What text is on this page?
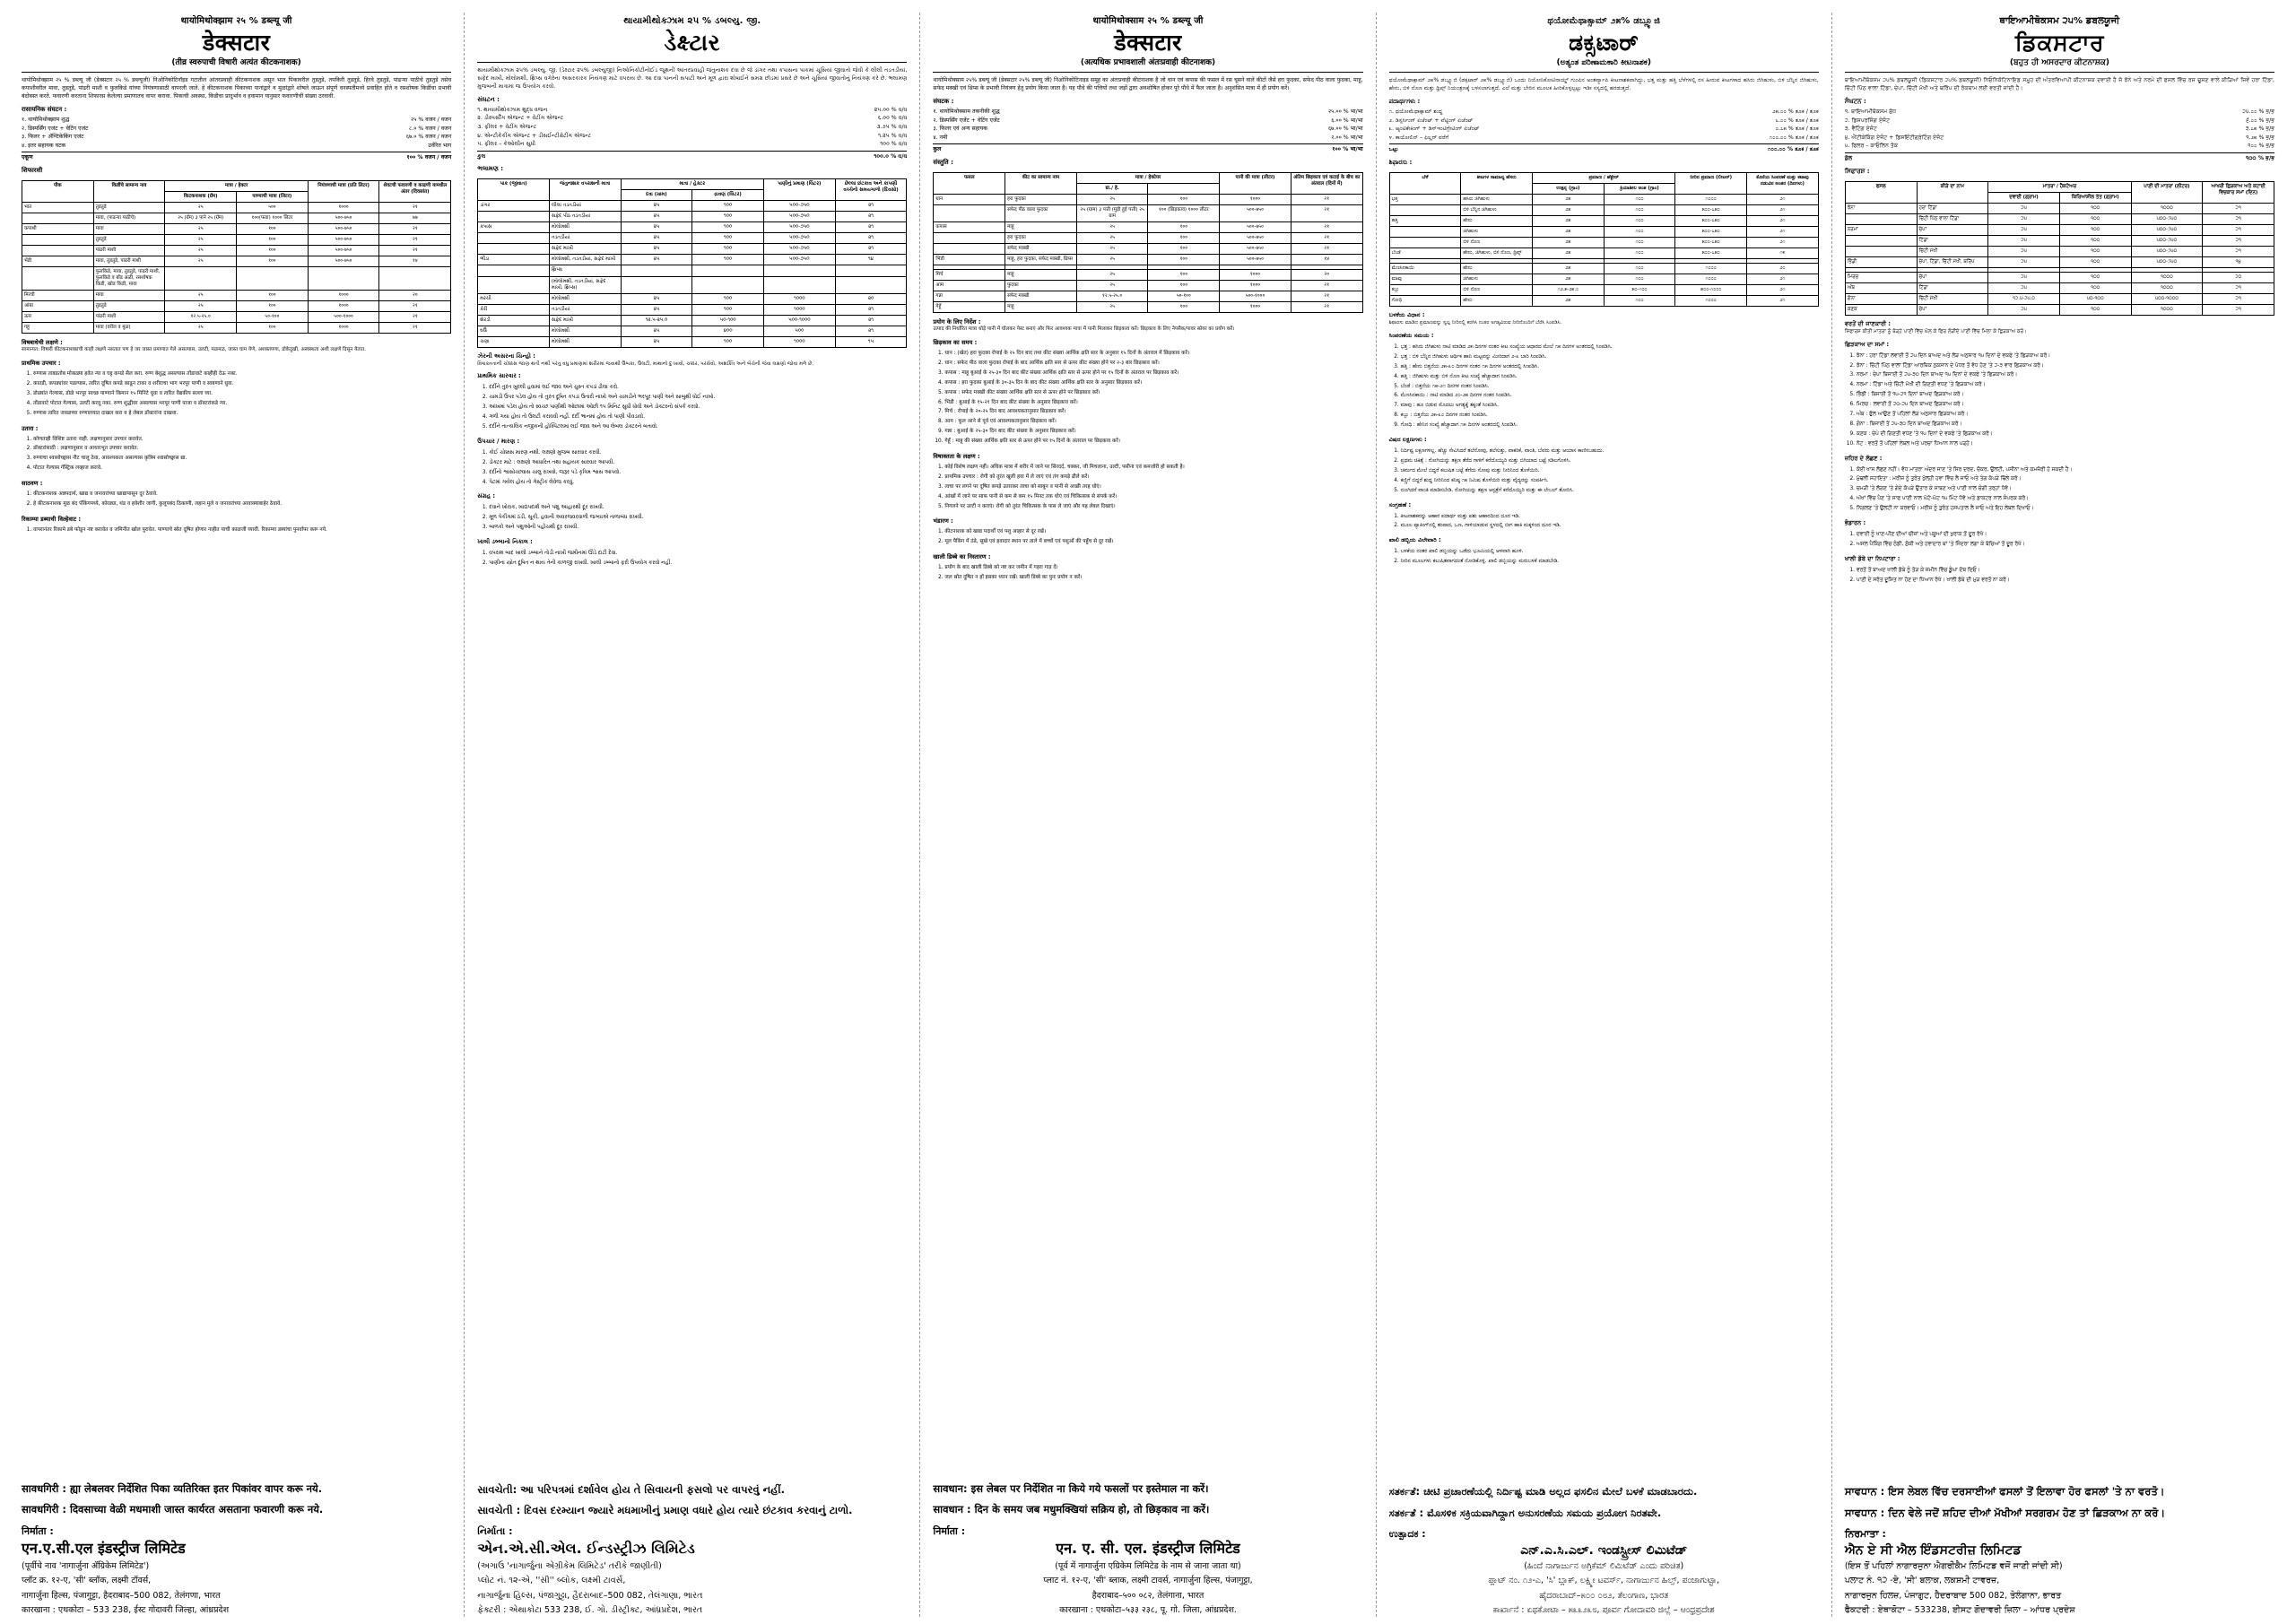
थायोमिथोक्झाम २५ % डब्ल्यू जी
डेक्सटार
(तीव्र स्वरुपाची विषारी अत्यंत कीटकनाशक)
थायोमिथोक्झाम २५ % डब्ल्यू जी (डेक्सटार २५ % डब्ल्यूजी) निओनिकोटिनॉइड गटातील आंतरप्रवाही कीटकनाशक असून भात पिकावरील तुडतुडे, तपकिरी तुडतुडे, हिरवे तुडतुडे, पांढऱ्या पाठीचे तुडतुडे तसेच कपाशीवरील मावा, तुडतुडे, पांढरी माशी व फुलकिडे यांच्या नियंत्रणासाठी वापरली जाते. हे कीटकनाशक पिकाच्या पानांद्वारे व मुळांद्वारे शोषले जाऊन संपूर्ण वनस्पतीमध्ये प्रवाहित होते व रसशोषक किडींचा प्रभावी बंदोबस्त करते. फवारणी करताना शिफारस केलेल्या प्रमाणातच वापर करावा. पिकाची अवस्था, किडीचा प्रादुर्भाव व हवामान यानुसार फवारणीची संख्या ठरवावी.
रासायनिक संघटन :
१. थायोमिथोक्झाम शुद्ध	२५ % वजन / वजन
२. डिस्पर्सिंग एजंट + वेटिंग एजंट	८.० % वजन / वजन
३. फिलर + ॲण्टिकेकिंग एजंट	६७.० % वजन / वजन
४. इतर सहायक घटक	उर्वरित भाग
एकूण	१०० % वजन / वजन
शिफारशी
पीक	किडींचे सामान्य नाव	मात्रा / हेक्टर		नियंत्रणाची मात्रा (प्रति लिटर)	शेवटची फवारणी व काढणी यामधील अंतर (दिवसांत)
		किटकनाशक (ग्रॅम)	पाण्याची मात्रा (लिटर)		
भात	तुडतुडे	२५	५००	१०००	२१
	मावा, (पाढऱ्या पाठीचे)	२५ (ग्रॅम) ३ पाने २५ (ग्रॅम)	१००(फवा) १००० लिटर	५००-७५०	७७
कपाशी	मावा	२५	१००	५००-७५०	२१
	तुडतुडे	२५	१००	५००-७५०	२१
	पांढरी माशी	२५	१००	५००-७५०	२१
भेंडी	मावा, तुडतुडे, पांढरी माशी	२५	१००	५००-७५०	१४
	फुलकिडे, मावा, तुडतुडे, पांढरी माशी, फुलकिडे व बोंड अळी, रसशोषक किडी, खोड किडी, मावा				
मिरची	मावा	२५	१००	१०००	२०
आंबा	तुडतुडे	२५	१००	१०००	२१
ऊस	पांढरी माशी	१२.५-२५.०	५०-१००	५००-१०००	२१
गहू	मावा (वरील व मुळ)	२५	१००	१०००	२१
विषबाधेची लक्षणे :
सामान्यत: विषारी कीटकनाशकाची काही लक्षणे नसतात पण हे जर जास्त प्रमाणात गेले असल्यास, उलटी, मळमळ, जास्त घाम येणे, अशक्तपणा, डोकेदुखी, अस्वस्थता अशी लक्षणे दिसून येतात.
प्राथमिक उपचार :
1. रुग्णास ताबडतोब मोकळ्या हवेत न्या व घट्ट कपडे सैल करा. रुग्ण बेशुद्ध असल्यास तोंडावाटे काहीही देऊ नका.
2. कातडी, कपड्यांवर पडल्यास, त्वरित दूषित कपडे काढून टाका व शरीराचा भाग भरपूर पाणी व साबणाने धुवा.
3. डोळ्यांत गेल्यास, डोळे भरपूर स्वच्छ पाण्याने किमान १५ मिनिटे धुवा व त्वरित वैद्यकीय सल्ला घ्या.
4. तोंडावाटे पोटात गेल्यास, उलटी करवू नका. रुग्ण शुद्धीवर असल्यास भरपूर पाणी पाजा व डॉक्टरांकडे न्या.
5. रुग्णास त्वरित जवळच्या रुग्णालयात दाखल करा व हे लेबल डॉक्टरांना दाखवा.
उतारा :
1. कोणताही विशिष्ट उतारा नाही. लक्षणानुसार उपचार करावेत.
2. डॉक्टरांसाठी : लक्षणानुसार व आधारभूत उपचार करावेत.
3. रुग्णाचा श्वासोच्छ्वास नीट चालू ठेवा, आवश्यकता असल्यास कृत्रिम श्वासोच्छ्वास द्या.
4. पोटात गेल्यास गॅस्ट्रिक लव्हाज करावे.
साठवण :
1. कीटकनाशक अन्नपदार्थ, खाद्य व जनावरांच्या खाद्यापासून दूर ठेवावे.
2. हे कीटकनाशक मूळ बंद पॅकिंगमध्ये, कोरड्या, थंड व हवेशीर जागी, कुलूपबंद ठिकाणी, लहान मुले व जनावरांच्या आवाक्याबाहेर ठेवावे.
रिकाम्या डब्याची विल्हेवाट :
1. वापरानंतर रिकामे डबे फोडून नष्ट करावेत व जमिनीत खोल पुरावेत. पाण्याचे स्रोत दूषित होणार नाहीत याची काळजी घ्यावी. रिकाम्या डब्यांचा पुनर्वापर करू नये.
सावधगिरी : ह्या लेबलवर निर्देशित पिका व्यतिरिक्त इतर पिकांवर वापर करू नये.
सावधगिरी : दिवसाच्या वेळी मधमाशी जास्त कार्यरत असताना फवारणी करू नये.
निर्माता :
एन.ए.सी.एल इंडस्ट्रीज लिमिटेड
(पूर्वीचे नाव 'नागार्जुना ॲग्रिकेम लिमिटेड')
प्लॉट क्र. १२-ए, 'सी' ब्लॉक, लक्ष्मी टॉवर्स,
नागार्जुना हिल्स, पंजागुट्टा, हैदराबाद–500 082, तेलंगणा, भारत
कारखाना : एथकोटा – 533 238, ईस्ट गोदावरी जिल्हा, आंध्रप्रदेश
થાયામીથોક્ઝામ ૨૫ % ડબલ્યુ. જી.
ડેક્ષ્ટાર
થાયામીથોક્ઝામ ૨૫% ડબલ્યુ. જી. (ડેક્ષ્ટાર ૨૫% ડબલ્યુજી) નિઓનિકોટીનોઈડ જૂથની આંતરપ્રવાહી જંતુનાશક દવા છે જે ડાંગર તથા કપાસના પાકમાં ચૂસિયાં જીવાતો જેવી કે લીલી તડતડીયાં, સફેદ માખી, મોલોમશી, થ્રિપ્સ વગેરેના અસરકારક નિયંત્રણ માટે વપરાય છે. આ દવા પાનની સપાટી અને મૂળ દ્વારા શોષાઈને સમગ્ર છોડમાં પ્રસરે છે અને ચૂસિયાં જીવાતોનું નિયંત્રણ કરે છે. ભલામણ મુજબની માત્રામાં જ ઉપયોગ કરવો.
સંઘટન :
૧. થાયામીથોક્ઝામ શુદ્ધ વજન	૨૫.૦૦ % વ/વ
૨. ડીસ્પર્સીંગ એજન્ટ + વેટીંગ એજન્ટ	૬.૦૦ % વ/વ
૩. ફીલર + વેટીંગ એજન્ટ	૩.૭૫ % વ/વ
૪. એન્ટીકેકીંગ એજન્ટ + ડીસઈન્ટીગ્રેટીંગ એજન્ટ	૧.૨૫ % વ/વ
૫. ફીલર – કેઓલીન સુધી	૧૦૦ % વ/વ
કુલ	૧૦૦.૦ % વ/વ
ભલામણ :
પાક (જીવાત)	જંતુનાશક વપરાશની માત્રા	માત્રા / હેક્ટર		પાણીનું પ્રમાણ (લિટર)	છેલ્લા છંટકાવ અને કાપણી વચ્ચેનો સમયગાળો (દિવસો)
		દવા (ગ્રામ)	દ્રાવણ (લિટર)		
ડાંગર	લીલા તડતડીયાં	૨૫	૧૦૦	૫૦૦-૭૫૦	૨૧
	સફેદ પીઠ તડતડીયાં	૨૫	૧૦૦	૫૦૦-૭૫૦	૨૧
કપાસ	મોલોમશી	૨૫	૧૦૦	૫૦૦-૭૫૦	૨૧
	તડતડીયાં	૨૫	૧૦૦	૫૦૦-૭૫૦	૨૧
	સફેદ માખી	૨૫	૧૦૦	૫૦૦-૭૫૦	૨૧
ભીંડા	મોલોમશી, તડતડીયાં, સફેદ માખી	૨૫	૧૦૦	૫૦૦-૭૫૦	૧૪
	થ્રિપ્સ				
	(મોલોમશી, તડતડીયાં, સફેદ માખી, થ્રિપ્સ)				
મરચી	મોલોમશી	૨૫	૧૦૦	૧૦૦૦	૨૦
કેરી	તડતડીયાં	૨૫	૧૦૦	૧૦૦૦	૨૧
શેરડી	સફેદ માખી	૧૨.૫-૨૫.૦	૫૦-૧૦૦	૫૦૦-૧૦૦૦	૨૧
ઘઉં	મોલોમશી	૨૫	૪૦૦	૫૦૦	૨૧
ચણા	મોલોમશી	૨૫	૧૦૦	૧૦૦૦	૧૫
ઝેરની અસરના ચિન્હો :
વિષાક્તતાની ચોક્કસ જાણ થતી નથી પરંતુ વધુ પ્રમાણમાં શરીરમાં જવાથી ઉબકા, ઉલટી, માથાનો દુઃખાવો, ચક્કર, પરસેવો, અશક્તિ અને બેચેની જેવા લક્ષણો જોવા મળે છે.
પ્રાથમિક સારવાર :
1. દર્દીને તુરંત ખુલ્લી હવામાં લઈ જાવ અને ચુસ્ત કપડાં ઢીલા કરો.
2. ચામડી ઉપર પડેલ હોય તો તુરંત દૂષિત કપડાં ઉતારી નાખો અને ચામડીને ભરપૂર પાણી અને સાબુથી ધોઈ નાખો.
3. આંખમાં પડેલ હોય તો સ્વચ્છ પાણીથી ઓછામાં ઓછી ૧૫ મિનિટ સુધી ધોવી અને ડોક્ટરનો સંપર્ક કરવો.
4. ગળી ગયા હોય તો ઉલટી કરાવવી નહીં. દર્દી ભાનમાં હોય તો પાણી પીવડાવો.
5. દર્દીને તાત્કાલિક નજીકની હોસ્પિટલમાં લઈ જાવ અને આ લેબલ ડોક્ટરને બતાવો.
ઉપચાર / મારણ :
1. કોઈ ચોક્કસ મારણ નથી. લક્ષણો મુજબ સારવાર કરવી.
2. ડોક્ટર માટે : લક્ષણો આધારિત તથા સહાયક સારવાર આપવી.
3. દર્દીનો શ્વાસોચ્છ્વાસ ચાલુ રાખવો, જરૂર પડે કૃત્રિમ શ્વાસ આપવો.
4. પેટમાં ગયેલ હોય તો ગેસ્ટ્રીક લેવેજ કરવું.
સંગ્રહ :
1. દવાને ખોરાક, ખાદ્યપદાર્થ અને પશુ આહારથી દૂર રાખવી.
2. મૂળ પેકીંગમાં ઠંડી, સૂકી, હવાની અવરજવરવાળી જગ્યાએ તાળાબંધ રાખવી.
3. બાળકો અને પશુઓની પહોંચથી દૂર રાખવી.
ખાલી ડબ્બાનો નિકાલ :
1. વપરાશ બાદ ખાલી ડબ્બાને તોડી નાખી જમીનમાં ઊંડે દાટી દેવા.
2. પાણીના સ્ત્રોત દૂષિત ન થાય તેની કાળજી રાખવી. ખાલી ડબ્બાનો ફરી ઉપયોગ કરવો નહીં.
સાવચેતી: આ પરિપત્રમાં દર્શાવેલ હોય તે સિવાયની ફસલો પર વાપરવું નહીં.
સાવચેતી : દિવસ દરમ્યાન જ્યારે મધમાખીનું પ્રમાણ વધારે હોય ત્યારે છંટકાવ કરવાનું ટાળો.
નિર્માતા :
એન.એ.સી.એલ. ઈન્ડસ્ટ્રીઝ લિમિટેડ
(અગાઉ 'નાગાર્જુના એગ્રીકેમ લિમિટેડ' તરીકે જાણીતી)
પ્લોટ નં. ૧૨-એ, ''સી'' બ્લોક, લક્ષ્મી ટાવર્સ,
નાગાર્જુના હિલ્સ, પંજાગુટ્ટા, હૈદરાબાદ–500 082, તેલંગાણા, ભારત
ફેક્ટરી : એથાકોટા 533 238, ઈ. ગો. ડીસ્ટ્રીક્ટ, આંધ્રપ્રદેશ, ભારત
थायोमिथोक्साम २५ % डब्ल्यू जी
डेक्सटार
(अत्यधिक प्रभावशाली अंतःप्रवाही कीटनाशक)
थायोमिथोक्साम २५% डब्ल्यू जी (डेक्सटार २५% डब्ल्यू जी) निओनिकोटिनाइड समूह का अंतःप्रवाही कीटनाशक है जो धान एवं कपास की फसल में रस चूसने वाले कीटों जैसे हरा फुदका, सफेद पीठ वाला फुदका, माहू, सफेद मक्खी एवं थ्रिप्स के प्रभावी नियंत्रण हेतु प्रयोग किया जाता है। यह पौधे की पत्तियों तथा जड़ों द्वारा अवशोषित होकर पूरे पौधे में फैल जाता है। अनुशंसित मात्रा में ही प्रयोग करें।
संघटक :
१. थायोमिथोक्साम तकनीकी शुद्ध	२५.०० % भा/भा
२. डिस्पर्सिंग एजेंट + वेटिंग एजेंट	६.०० % भा/भा
३. फिलर एवं अन्य सहायक	६७.०० % भा/भा
४. नमी	२.०० % भा/भा
कुल	१०० % भा/भा
संस्तुति :
फसल	कीट का सामान्य नाम	मात्रा / हेक्टेयर		पानी की मात्रा (लीटर)	अंतिम छिड़काव एवं कटाई के बीच का अंतराल (दिनों में)
		ग्रा./ हे.			
धान	हरा फुदका	२५	१००	१०००	२१
	सफेद पीठ वाला फुदका	२५ (ग्राम) ३ पत्ती (मुड़ी हुई पत्ती) २५ ग्राम	१०० (छिड़काव) १००० लीटर	५००-७५०	२१
कपास	माहू	२५	१००	५००-७५०	२१
	हरा फुदका	२५	१००	५००-७५०	२१
	सफेद मक्खी	२५	१००	५००-७५०	२१
भिंडी	माहू, हरा फुदका, सफेद मक्खी, थ्रिप्स	२५	१००	५००-७५०	१४

मिर्च	माहू	२५	१००	१०००	२०
आम	फुदका	२५	१००	१०००	२१
गन्ना	सफेद मक्खी	१२.५-२५.०	५०-१००	५००-१०००	२१
गेहूँ	माहू	२५	१००	१०००	२१
प्रयोग के लिए निर्देश :
उत्पाद की निर्धारित मात्रा थोड़े पानी में घोलकर पेस्ट बनाएं और फिर आवश्यक मात्रा में पानी मिलाकर छिड़काव करें। छिड़काव के लिए नेपसैक/पावर स्प्रेयर का प्रयोग करें।
छिड़काव का समय :
1. धान : (खेत) हरा फुदका रोपाई के २५ दिन बाद तथा कीट संख्या आर्थिक क्षति स्तर के अनुसार १५ दिनों के अंतराल में छिड़काव करें।
2. धान : सफेद पीठ वाला फुदका रोपाई के बाद आर्थिक क्षति स्तर से ऊपर कीट संख्या होने पर २-३ बार छिड़काव करें।
3. कपास : माहू बुआई के २५-३० दिन बाद कीट संख्या आर्थिक क्षति स्तर से ऊपर होने पर १५ दिनों के अंतराल पर छिड़काव करें।
4. कपास : हरा फुदका बुआई के ३०-३५ दिन के बाद कीट संख्या आर्थिक क्षति स्तर के अनुसार छिड़काव करें।
5. कपास : सफेद मक्खी कीट संख्या आर्थिक क्षति स्तर से ऊपर होने पर छिड़काव करें।
6. भिंडी : बुआई के १५-२१ दिन बाद कीट संख्या के अनुसार छिड़काव करें।
7. मिर्च : रोपाई के २०-२५ दिन बाद आवश्यकतानुसार छिड़काव करें।
8. आम : फूल आने से पूर्व एवं आवश्यकतानुसार छिड़काव करें।
9. गन्ना : बुआई के २५-३० दिन बाद कीट संख्या के अनुसार छिड़काव करें।
10. गेहूँ : माहू की संख्या आर्थिक क्षति स्तर से ऊपर होने पर १५ दिनों के अंतराल पर छिड़काव करें।
विषाक्तता के लक्षण :
1. कोई विशेष लक्षण नहीं। अधिक मात्रा में शरीर में जाने पर सिरदर्द, चक्कर, जी मिचलाना, उल्टी, पसीना एवं कमजोरी हो सकती है।
2. प्राथमिक उपचार : रोगी को तुरंत खुली हवा में ले जाएं एवं तंग कपड़े ढीले करें।
3. त्वचा पर लगने पर दूषित कपड़े उतारकर त्वचा को साबुन व पानी से अच्छी तरह धोएं।
4. आंखों में जाने पर साफ पानी से कम से कम १५ मिनट तक धोएं एवं चिकित्सक से संपर्क करें।
5. निगलने पर उल्टी न कराएं। रोगी को तुरंत चिकित्सक के पास ले जाएं और यह लेबल दिखाएं।
भंडारण :
1. कीटनाशक को खाद्य पदार्थों एवं पशु आहार से दूर रखें।
2. मूल पैकिंग में ठंडे, सूखे एवं हवादार स्थान पर ताले में बच्चों एवं पशुओं की पहुँच से दूर रखें।
खाली डिब्बे का निस्तारण :
1. प्रयोग के बाद खाली डिब्बे को नष्ट कर जमीन में गहरा गाड़ दें।
2. जल स्रोत दूषित न हों इसका ध्यान रखें। खाली डिब्बे का पुनः प्रयोग न करें।
सावधान: इस लेबल पर निर्देशित ना किये गये फसलों पर इस्तेमाल ना करें।
सावधान : दिन के समय जब मधुमक्खियां सक्रिय हो, तो छिड़काव ना करें।
निर्माता :
एन. ए. सी. एल. इंडस्ट्रीज लिमिटेड
(पूर्व में नागार्जुना एग्रिकेम लिमिटेड के नाम से जाना जाता था)
प्लाट नं. १२-ए, 'सी' ब्लाक, लक्ष्मी टावर्स, नागार्जुना हिल्स, पंजागुट्टा,
हैदराबाद–५०० ०८२, तेलंगाना, भारत
कारखाना : एथकोटा–५३३ २३८, पू. गो. जिला, आंध्रप्रदेश.
ಥಯೋಮೆಥಾಕ್ಸಾಮ್ ೨೫% ಡಬ್ಲ್ಯೂಜಿ
ಡಕ್ಸಟಾರ್
(ಅತ್ಯಂತ ಪರಿಣಾಮಕಾರಿ ಕೀಟನಾಶಕ)
ಥಯೋಮೆಥಾಕ್ಸಾಮ್ ೨೫% ಡಬ್ಲ್ಯೂಜಿ (ಡಕ್ಸಟಾರ್ ೨೫% ಡಬ್ಲ್ಯೂಜಿ) ಒಂದು ನಿಯೋನಿಕೋಟಿನಾಯ್ಡ್ ಗುಂಪಿನ ಅಂತರ್ವ್ಯಾಪಿ ಕೀಟನಾಶಕವಾಗಿದ್ದು, ಭತ್ತ ಮತ್ತು ಹತ್ತಿ ಬೆಳೆಗಳಲ್ಲಿ ರಸ ಹೀರುವ ಕೀಟಗಳಾದ ಹಸಿರು ಜಿಗಿಹುಳು, ಬಿಳಿ ಬೆನ್ನಿನ ಜಿಗಿಹುಳು, ಹೇನು, ಬಿಳಿ ನೊಣ ಮತ್ತು ಥ್ರಿಪ್ಸ್ ನಿಯಂತ್ರಣಕ್ಕೆ ಬಳಸಲಾಗುತ್ತದೆ. ಎಲೆ ಮತ್ತು ಬೇರಿನ ಮೂಲಕ ಹೀರಿಕೊಳ್ಳಲ್ಪಟ್ಟು ಇಡೀ ಸಸ್ಯದಲ್ಲಿ ಹರಡುತ್ತದೆ.
ಪದಾರ್ಥಗಳು :
೧. ಥಯೋಮೆಥಾಕ್ಸಾಮ್ ಶುದ್ಧ	೨೫.೦೦ % ತೂಕ / ತೂಕ
೨. ಡಿಸ್ಪರ್ಸಿಂಗ್ ಏಜೆಂಟ್ + ವೆಟ್ಟಿಂಗ್ ಏಜೆಂಟ್	೬.೦೦ % ತೂಕ / ತೂಕ
೩. ಆ್ಯಂಟಿಕೇಕಿಂಗ್ + ಡಿಸ್ಇಂಟಿಗ್ರೇಟಿಂಗ್ ಏಜೆಂಟ್	೦.೭೫ % ತೂಕ / ತೂಕ
೪. ಕಾಯೋಲಿನ್ – ಫಿಲ್ಲರ್ ವರೆಗೆ	೧೦೦.೦೦ % ತೂಕ / ತೂಕ
ಒಟ್ಟು	೧೦೦.೦೦ % ತೂಕ / ತೂಕ
ಶಿಫಾರಸು :
ಬೆಳೆ	ಕೀಟಗಳ ಸಾಮಾನ್ಯ ಹೆಸರು	ಪ್ರಮಾಣ / ಹೆಕ್ಟೇರ್		ನೀರಿನ ಪ್ರಮಾಣ (ಲೀಟರ್)	ಕೊನೆಯ ಸಿಂಪರಣೆ ಮತ್ತು ಕಟಾವು ನಡುವಿನ ಅಂತರ (ದಿನಗಳು)
		ಉತ್ಪನ್ನ (ಗ್ರಾಂ)	ಕ್ರಿಯಾಶೀಲ ಅಂಶ (ಗ್ರಾಂ)		
ಭತ್ತ	ಹಸಿರು ಜಿಗಿಹುಳು	೨೫	೧೦೦	೧೦೦೦	೨೧
	ಬಿಳಿ ಬೆನ್ನಿನ ಜಿಗಿಹುಳು	೨೫	೧೦೦	೫೦೦-೭೫೦	೨೧
ಹತ್ತಿ	ಹೇನು	೨೫	೧೦೦	೫೦೦-೭೫೦	೨೧
	ಜಿಗಿಹುಳು	೨೫	೧೦೦	೫೦೦-೭೫೦	೨೧
	ಬಿಳಿ ನೊಣ	೨೫	೧೦೦	೫೦೦-೭೫೦	೨೧
ಬೆಂಡೆ	ಹೇನು, ಜಿಗಿಹುಳು, ಬಿಳಿ ನೊಣ, ಥ್ರಿಪ್ಸ್	೨೫	೧೦೦	೫೦೦-೭೫೦	೧೪

ಮೆಣಸಿನಕಾಯಿ	ಹೇನು	೨೫	೧೦೦	೧೦೦೦	೨೦
ಮಾವು	ಜಿಗಿಹುಳು	೨೫	೧೦೦	೧೦೦೦	೨೧
ಕಬ್ಬು	ಬಿಳಿ ನೊಣ	೧೨.೫-೨೫.೦	೫೦-೧೦೦	೫೦೦-೧೦೦೦	೨೧
ಗೋಧಿ	ಹೇನು	೨೫	೧೦೦	೧೦೦೦	೨೧
ಬಳಕೆಯ ವಿಧಾನ :
ಶಿಫಾರಸು ಮಾಡಿದ ಪ್ರಮಾಣವನ್ನು ಸ್ವಲ್ಪ ನೀರಿನಲ್ಲಿ ಕರಗಿಸಿ ನಂತರ ಅಗತ್ಯವಿರುವ ನೀರಿನೊಂದಿಗೆ ಬೆರೆಸಿ ಸಿಂಪಡಿಸಿ.
ಸಿಂಪರಣೆಯ ಸಮಯ :
1. ಭತ್ತ : ಹಸಿರು ಜಿಗಿಹುಳು ನಾಟಿ ಮಾಡಿದ ೨೫ ದಿನಗಳ ನಂತರ ಕೀಟ ಸಂಖ್ಯೆಯ ಆಧಾರದ ಮೇಲೆ ೧೫ ದಿನಗಳ ಅಂತರದಲ್ಲಿ ಸಿಂಪಡಿಸಿ.
2. ಭತ್ತ : ಬಿಳಿ ಬೆನ್ನಿನ ಜಿಗಿಹುಳು ಆರ್ಥಿಕ ಹಾನಿ ಮಟ್ಟವನ್ನು ಮೀರಿದಾಗ ೨-೩ ಬಾರಿ ಸಿಂಪಡಿಸಿ.
3. ಹತ್ತಿ : ಹೇನು ಬಿತ್ತನೆಯ ೨೫-೩೦ ದಿನಗಳ ನಂತರ ೧೫ ದಿನಗಳ ಅಂತರದಲ್ಲಿ ಸಿಂಪಡಿಸಿ.
4. ಹತ್ತಿ : ಜಿಗಿಹುಳು ಮತ್ತು ಬಿಳಿ ನೊಣ ಕೀಟ ಸಂಖ್ಯೆ ಹೆಚ್ಚಾದಾಗ ಸಿಂಪಡಿಸಿ.
5. ಬೆಂಡೆ : ಬಿತ್ತನೆಯ ೧೫-೨೧ ದಿನಗಳ ನಂತರ ಸಿಂಪಡಿಸಿ.
6. ಮೆಣಸಿನಕಾಯಿ : ನಾಟಿ ಮಾಡಿದ ೨೦-೨೫ ದಿನಗಳ ನಂತರ ಸಿಂಪಡಿಸಿ.
7. ಮಾವು : ಹೂ ಬಿಡುವ ಮೊದಲು ಅಗತ್ಯಕ್ಕೆ ತಕ್ಕಂತೆ ಸಿಂಪಡಿಸಿ.
8. ಕಬ್ಬು : ಬಿತ್ತನೆಯ ೨೫-೩೦ ದಿನಗಳ ನಂತರ ಸಿಂಪಡಿಸಿ.
9. ಗೋಧಿ : ಹೇನಿನ ಸಂಖ್ಯೆ ಹೆಚ್ಚಾದಾಗ ೧೫ ದಿನಗಳ ಅಂತರದಲ್ಲಿ ಸಿಂಪಡಿಸಿ.
ವಿಷದ ಲಕ್ಷಣಗಳು :
1. ನಿರ್ದಿಷ್ಟ ಲಕ್ಷಣಗಳಿಲ್ಲ. ಹೆಚ್ಚು ಸೇವಿಸಿದರೆ ತಲೆನೋವು, ತಲೆಸುತ್ತು, ವಾಕರಿಕೆ, ವಾಂತಿ, ಬೆವರು ಮತ್ತು ಆಯಾಸ ಕಾಣಿಸಬಹುದು.
2. ಪ್ರಥಮ ಚಿಕಿತ್ಸೆ : ರೋಗಿಯನ್ನು ತಕ್ಷಣ ತೆರೆದ ಗಾಳಿಗೆ ಕರೆದೊಯ್ಯಿರಿ ಮತ್ತು ಬಿಗಿಯಾದ ಬಟ್ಟೆ ಸಡಿಲಗೊಳಿಸಿ.
3. ಚರ್ಮದ ಮೇಲೆ ಬಿದ್ದರೆ ಕಲುಷಿತ ಬಟ್ಟೆ ತೆಗೆದು ಸೋಪು ಮತ್ತು ನೀರಿನಿಂದ ತೊಳೆಯಿರಿ.
4. ಕಣ್ಣಿಗೆ ಬಿದ್ದರೆ ಶುದ್ಧ ನೀರಿನಿಂದ ಕನಿಷ್ಠ ೧೫ ನಿಮಿಷ ತೊಳೆಯಿರಿ ಮತ್ತು ವೈದ್ಯರನ್ನು ಸಂಪರ್ಕಿಸಿ.
5. ನುಂಗಿದರೆ ವಾಂತಿ ಮಾಡಿಸಬೇಡಿ. ರೋಗಿಯನ್ನು ತಕ್ಷಣ ಆಸ್ಪತ್ರೆಗೆ ಕರೆದೊಯ್ಯಿರಿ ಮತ್ತು ಈ ಲೇಬಲ್ ತೋರಿಸಿ.
ಸಂಗ್ರಹಣೆ :
1. ಕೀಟನಾಶಕವನ್ನು ಆಹಾರ ಪದಾರ್ಥ ಮತ್ತು ಪಶು ಆಹಾರದಿಂದ ದೂರ ಇಡಿ.
2. ಮೂಲ ಪ್ಯಾಕಿಂಗ್‌ನಲ್ಲಿ ತಂಪಾದ, ಒಣ, ಗಾಳಿಯಾಡುವ ಸ್ಥಳದಲ್ಲಿ ಬೀಗ ಹಾಕಿ ಮಕ್ಕಳಿಂದ ದೂರ ಇಡಿ.
ಖಾಲಿ ಡಬ್ಬಿಯ ವಿಲೇವಾರಿ :
1. ಬಳಕೆಯ ನಂತರ ಖಾಲಿ ಡಬ್ಬಿಯನ್ನು ಒಡೆದು ಭೂಮಿಯಲ್ಲಿ ಆಳವಾಗಿ ಹೂಳಿ.
2. ನೀರಿನ ಮೂಲಗಳು ಕಲುಷಿತವಾಗದಂತೆ ನೋಡಿಕೊಳ್ಳಿ. ಖಾಲಿ ಡಬ್ಬಿಯನ್ನು ಮರುಬಳಕೆ ಮಾಡಬೇಡಿ.
ಸತರ್ಕತೆ: ಚೀಟಿ ಪ್ರಚಾರಣೆಯಲ್ಲಿ ನಿರ್ದಿಷ್ಟ ಮಾಡಿ ಅಲ್ಲದ ಫಸಲಿನ ಮೇಲೆ ಬಳಕೆ ಮಾಡಬಾರದು.
ಸತರ್ಕತೆ : ಮೊಸಳಿಕ ಸಕ್ರಿಯವಾಗಿದ್ದಾಗ ಅನುಸರಣೆಯ ಸಮಯ ಪ್ರಯೋಗ ನಿರತವೇ.
ಉತ್ಪಾದಕ :
ಎನ್.ಎ.ಸಿ.ಎಲ್. ಇಂಡಸ್ಟ್ರೀಸ್ ಲಿಮಿಟೆಡ್
(ಹಿಂದೆ ನಾಗಾರ್ಜುನ ಅಗ್ರಿಕೆಮ್ ಲಿಮಿಟೆಡ್ ಎಂದು ಪರಿಚಿತ)
ಪ್ಲಾಟ್ ನಂ. ೧೨-ಎ, 'ಸಿ' ಬ್ಲಾಕ್, ಲಕ್ಷ್ಮೀ ಟವರ್ಸ್, ನಾಗಾರ್ಜುನ ಹಿಲ್ಸ್, ಪಂಜಾಗುಟ್ಟಾ,
ಹೈದರಾಬಾದ್–೫೦೦ ೦೮೨, ತೆಲಂಗಾಣ, ಭಾರತ
ಕಾರ್ಖಾನೆ : ಏಥಕೋಟಾ – ೫೩೩೨೩೮, ಪೂರ್ವ ಗೋದಾವರಿ ಜಿಲ್ಲೆ – ಆಂಧ್ರಪ್ರದೇಶ
ਥਾਇਆਮੀਥੋਕਸਮ ੨੫% ਡਬਲਯੂਜੀ
ਡਿਕਸਟਾਰ
(ਬਹੁਤ ਹੀ ਅਸਰਦਾਰ ਕੀਟਨਾਸ਼ਕ)
ਥਾਇਆਮੀਥੋਕਸਮ ੨੫% ਡਬਲਯੂਜੀ (ਡਿਕਸਟਾਰ ੨੫% ਡਬਲਯੂਜੀ) ਨਿਓਨਿਕੋਟਿਨਾਇਡ ਸਮੂਹ ਦੀ ਅੰਤਰਵਿਆਪੀ ਕੀਟਨਾਸ਼ਕ ਦਵਾਈ ਹੈ ਜੋ ਝੋਨੇ ਅਤੇ ਨਰਮੇ ਦੀ ਫਸਲ ਵਿੱਚ ਰਸ ਚੂਸਣ ਵਾਲੇ ਕੀੜਿਆਂ ਜਿਵੇਂ ਹਰਾ ਟਿੱਡਾ, ਚਿੱਟੀ ਪਿੱਠ ਵਾਲਾ ਟਿੱਡਾ, ਚੇਪਾ, ਚਿੱਟੀ ਮੱਖੀ ਅਤੇ ਥਰਿੱਪ ਦੀ ਰੋਕਥਾਮ ਲਈ ਵਰਤੀ ਜਾਂਦੀ ਹੈ।
ਸੰਘਟਨ :
੧. ਥਾਇਆਮੀਥੋਕਸਮ ਸ਼ੁੱਧ	੨੫.೦೦ % ਭ/ਭ
੨. ਡਿਸਪਰਸਿੰਗ ਏਜੰਟ	੬.೦೦ % ਭ/ਭ
੩. ਵੈਟਿੰਗ ਏਜੰਟ	੩.೭೫ % ਭ/ਭ
੪. ਐਂਟੀਕੇਕਿੰਗ ਏਜੰਟ + ਡਿਸਇੰਟੀਗ੍ਰੇਟਿੰਗ ਏਜੰਟ	੧.೨೫ % ਭ/ਭ
੫. ਫਿਲਰ – ਕਾਓਲਿਨ ਤੱਕ	੧೦೦ % ਭ/ਭ
ਕੁੱਲ	੧੦੦ % ਭ/ਭ
ਸਿਫਾਰਸ਼ :
ਫਸਲ	ਕੀੜੇ ਦਾ ਨਾਮ	ਮਾਤਰਾ / ਹੈਕਟੇਅਰ		ਪਾਣੀ ਦੀ ਮਾਤਰਾ (ਲੀਟਰ)	ਆਖਰੀ ਛਿੜਕਾਅ ਅਤੇ ਕਟਾਈ ਵਿਚਕਾਰ ਸਮਾਂ (ਦਿਨ)
		ਦਵਾਈ (ਗ੍ਰਾਮ)	ਕਿਰਿਆਸ਼ੀਲ ਤੱਤ (ਗ੍ਰਾਮ)		
ਝੋਨਾ	ਹਰਾ ਟਿੱਡਾ	੨੫	੧੦੦	੧੦੦੦	੨੧
	ਚਿੱਟੀ ਪਿੱਠ ਵਾਲਾ ਟਿੱਡਾ	੨੫	੧੦੦	੫੦੦-੭੫੦	੨੧
ਨਰਮਾ	ਚੇਪਾ	੨੫	੧੦੦	੫੦੦-੭੫੦	੨੧
	ਟਿੱਡਾ	੨੫	੧੦੦	੫੦੦-੭੫੦	੨੧
	ਚਿੱਟੀ ਮੱਖੀ	੨੫	੧੦੦	੫੦੦-੭੫੦	੨੧
ਭਿੰਡੀ	ਚੇਪਾ, ਟਿੱਡਾ, ਚਿੱਟੀ ਮੱਖੀ, ਥਰਿੱਪ	੨੫	੧੦੦	੫੦੦-੭੫੦	੧੪

ਮਿਰਚ	ਚੇਪਾ	੨੫	੧੦੦	੧੦੦੦	੨੦
ਅੰਬ	ਟਿੱਡਾ	੨੫	੧੦੦	੧੦੦੦	੨੧
ਗੰਨਾ	ਚਿੱਟੀ ਮੱਖੀ	੧੨.੫-੨੫.੦	੫੦-੧੦੦	੫੦੦-੧੦੦੦	੨੧
ਕਣਕ	ਚੇਪਾ	੨੫	੧੦੦	੧੦੦੦	੨੧
ਵਰਤੋਂ ਦੀ ਜਾਣਕਾਰੀ :
ਸਿਫਾਰਸ਼ ਕੀਤੀ ਮਾਤਰਾ ਨੂੰ ਥੋੜ੍ਹੇ ਪਾਣੀ ਵਿੱਚ ਘੋਲ ਕੇ ਫਿਰ ਲੋੜੀਂਦੇ ਪਾਣੀ ਵਿੱਚ ਮਿਲਾ ਕੇ ਛਿੜਕਾਅ ਕਰੋ।
ਛਿੜਕਾਅ ਦਾ ਸਮਾਂ :
1. ਝੋਨਾ : ਹਰਾ ਟਿੱਡਾ ਲਵਾਈ ਤੋਂ ੨੫ ਦਿਨ ਬਾਅਦ ਅਤੇ ਲੋੜ ਅਨੁਸਾਰ ੧੫ ਦਿਨਾਂ ਦੇ ਵਕਫੇ 'ਤੇ ਛਿੜਕਾਅ ਕਰੋ।
2. ਝੋਨਾ : ਚਿੱਟੀ ਪਿੱਠ ਵਾਲਾ ਟਿੱਡਾ ਆਰਥਿਕ ਨੁਕਸਾਨ ਦੇ ਪੱਧਰ ਤੋਂ ਵੱਧ ਹੋਣ 'ਤੇ ੨-੩ ਵਾਰ ਛਿੜਕਾਅ ਕਰੋ।
3. ਨਰਮਾ : ਚੇਪਾ ਬਿਜਾਈ ਤੋਂ ੨੫-੩੦ ਦਿਨ ਬਾਅਦ ੧੫ ਦਿਨਾਂ ਦੇ ਵਕਫੇ 'ਤੇ ਛਿੜਕਾਅ ਕਰੋ।
4. ਨਰਮਾ : ਟਿੱਡਾ ਅਤੇ ਚਿੱਟੀ ਮੱਖੀ ਦੀ ਗਿਣਤੀ ਵਧਣ 'ਤੇ ਛਿੜਕਾਅ ਕਰੋ।
5. ਭਿੰਡੀ : ਬਿਜਾਈ ਤੋਂ ੧੫-੨੧ ਦਿਨਾਂ ਬਾਅਦ ਛਿੜਕਾਅ ਕਰੋ।
6. ਮਿਰਚ : ਲਵਾਈ ਤੋਂ ੨੦-੨੫ ਦਿਨ ਬਾਅਦ ਛਿੜਕਾਅ ਕਰੋ।
7. ਅੰਬ : ਫੁੱਲ ਆਉਣ ਤੋਂ ਪਹਿਲਾਂ ਲੋੜ ਅਨੁਸਾਰ ਛਿੜਕਾਅ ਕਰੋ।
8. ਗੰਨਾ : ਬਿਜਾਈ ਤੋਂ ੨੫-੩੦ ਦਿਨ ਬਾਅਦ ਛਿੜਕਾਅ ਕਰੋ।
9. ਕਣਕ : ਚੇਪੇ ਦੀ ਗਿਣਤੀ ਵਧਣ 'ਤੇ ੧੫ ਦਿਨਾਂ ਦੇ ਵਕਫੇ 'ਤੇ ਛਿੜਕਾਅ ਕਰੋ।
10. ਨੋਟ : ਵਰਤੋਂ ਤੋਂ ਪਹਿਲਾਂ ਲੇਬਲ ਅਤੇ ਪਰਚਾ ਧਿਆਨ ਨਾਲ ਪੜ੍ਹੋ।
ਜ਼ਹਿਰ ਦੇ ਲੱਛਣ :
1. ਕੋਈ ਖਾਸ ਲੱਛਣ ਨਹੀਂ। ਵੱਧ ਮਾਤਰਾ ਅੰਦਰ ਜਾਣ 'ਤੇ ਸਿਰ ਦਰਦ, ਚੱਕਰ, ਉਲਟੀ, ਪਸੀਨਾ ਅਤੇ ਕਮਜ਼ੋਰੀ ਹੋ ਸਕਦੀ ਹੈ।
2. ਮੁੱਢਲੀ ਸਹਾਇਤਾ : ਮਰੀਜ਼ ਨੂੰ ਤੁਰੰਤ ਖੁੱਲ੍ਹੀ ਹਵਾ ਵਿੱਚ ਲੈ ਜਾਓ ਅਤੇ ਤੰਗ ਕੱਪੜੇ ਢਿੱਲੇ ਕਰੋ।
3. ਚਮੜੀ 'ਤੇ ਲੱਗਣ 'ਤੇ ਗੰਦੇ ਕੱਪੜੇ ਉਤਾਰ ਕੇ ਸਾਬਣ ਅਤੇ ਪਾਣੀ ਨਾਲ ਚੰਗੀ ਤਰ੍ਹਾਂ ਧੋਵੋ।
4. ਅੱਖਾਂ ਵਿੱਚ ਪੈਣ 'ਤੇ ਸਾਫ ਪਾਣੀ ਨਾਲ ਘੱਟੋ-ਘੱਟ ੧੫ ਮਿੰਟ ਧੋਵੋ ਅਤੇ ਡਾਕਟਰ ਨਾਲ ਸੰਪਰਕ ਕਰੋ।
5. ਨਿਗਲਣ 'ਤੇ ਉਲਟੀ ਨਾ ਕਰਵਾਓ। ਮਰੀਜ਼ ਨੂੰ ਤੁਰੰਤ ਹਸਪਤਾਲ ਲੈ ਜਾਓ ਅਤੇ ਇਹ ਲੇਬਲ ਦਿਖਾਓ।
ਭੰਡਾਰਨ :
1. ਦਵਾਈ ਨੂੰ ਖਾਣ-ਪੀਣ ਦੀਆਂ ਚੀਜ਼ਾਂ ਅਤੇ ਪਸ਼ੂਆਂ ਦੀ ਖੁਰਾਕ ਤੋਂ ਦੂਰ ਰੱਖੋ।
2. ਅਸਲ ਪੈਕਿੰਗ ਵਿੱਚ ਠੰਡੀ, ਸੁੱਕੀ ਅਤੇ ਹਵਾਦਾਰ ਥਾਂ 'ਤੇ ਜਿੰਦਰਾ ਲਗਾ ਕੇ ਬੱਚਿਆਂ ਤੋਂ ਦੂਰ ਰੱਖੋ।
ਖਾਲੀ ਡੱਬੇ ਦਾ ਨਿਪਟਾਰਾ :
1. ਵਰਤੋਂ ਤੋਂ ਬਾਅਦ ਖਾਲੀ ਡੱਬੇ ਨੂੰ ਤੋੜ ਕੇ ਜ਼ਮੀਨ ਵਿੱਚ ਡੂੰਘਾ ਦੱਬ ਦਿਓ।
2. ਪਾਣੀ ਦੇ ਸਰੋਤ ਦੂਸ਼ਿਤ ਨਾ ਹੋਣ ਦਾ ਧਿਆਨ ਰੱਖੋ। ਖਾਲੀ ਡੱਬੇ ਦੀ ਮੁੜ ਵਰਤੋਂ ਨਾ ਕਰੋ।
ਸਾਵਧਾਨ : ਇਸ ਲੇਬਲ ਵਿੱਚ ਦਰਸਾਈਆਂ ਫਸਲਾਂ ਤੋਂ ਇਲਾਵਾ ਹੋਰ ਫਸਲਾਂ 'ਤੇ ਨਾ ਵਰਤੋ।
ਸਾਵਧਾਨ : ਦਿਨ ਵੇਲੇ ਜਦੋਂ ਸ਼ਹਿਦ ਦੀਆਂ ਮੱਖੀਆਂ ਸਰਗਰਮ ਹੋਣ ਤਾਂ ਛਿੜਕਾਅ ਨਾ ਕਰੋ।
ਨਿਰਮਾਤਾ :
ਐਨ ਏ ਸੀ ਐਲ ਇੰਡਸਟਰੀਜ਼ ਲਿਮਿਟਡ
(ਇਸ ਤੋਂ ਪਹਿਲਾਂ ਨਾਗਾਰਜੁਨਾ ਐਗਰੀਕੈਮ ਲਿਮਿਟਡ ਵਜੋਂ ਜਾਣੀ ਜਾਂਦੀ ਸੀ)
ਪਲਾਟ ਨੰ. ੧੨ -ਏ, 'ਸੀ' ਬਲਾਕ, ਲਕਸ਼ਮੀ ਟਾਵਰਜ਼,
ਨਾਗਾਰਜੁਨ ਹਿਲਜ਼, ਪੰਜਾਗੁਟ, ਹੈਦਰਾਬਾਦ 500 082, ਤੇਲੰਗਾਨਾ, ਭਾਰਤ
ਫੈਕਟਰੀ : ਏਥਾਕੋਟਾ – 533238, ਈਸਟ ਗੋਦਾਵਰੀ ਜ਼ਿਲਾ – ਆਂਧਰ ਪ੍ਰਦੇਸ਼
